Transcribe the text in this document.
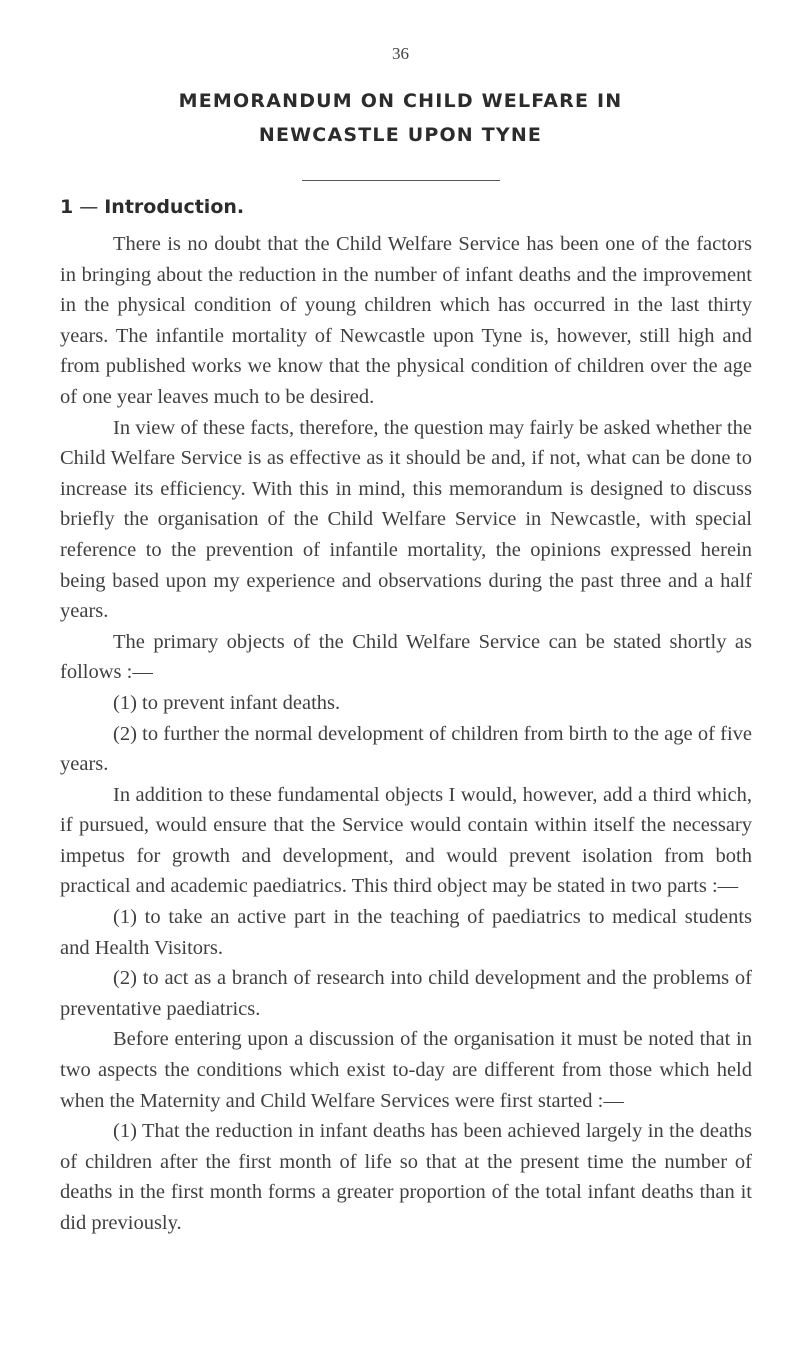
36
MEMORANDUM ON CHILD WELFARE IN
NEWCASTLE UPON TYNE
1 — Introduction.

There is no doubt that the Child Welfare Service has been one of the factors in bringing about the reduction in the number of infant deaths and the improvement in the physical condition of young children which has occurred in the last thirty years. The infantile mortality of Newcastle upon Tyne is, however, still high and from published works we know that the physical condition of children over the age of one year leaves much to be desired.

In view of these facts, therefore, the question may fairly be asked whether the Child Welfare Service is as effective as it should be and, if not, what can be done to increase its efficiency. With this in mind, this memorandum is designed to discuss briefly the organisation of the Child Welfare Service in Newcastle, with special reference to the prevention of infantile mortality, the opinions expressed herein being based upon my experience and observations during the past three and a half years.

The primary objects of the Child Welfare Service can be stated shortly as follows :—

(1) to prevent infant deaths.

(2) to further the normal development of children from birth to the age of five years.

In addition to these fundamental objects I would, however, add a third which, if pursued, would ensure that the Service would contain within itself the necessary impetus for growth and development, and would prevent isolation from both practical and academic paediatrics. This third object may be stated in two parts :—

(1) to take an active part in the teaching of paediatrics to medical students and Health Visitors.

(2) to act as a branch of research into child development and the problems of preventative paediatrics.

Before entering upon a discussion of the organisation it must be noted that in two aspects the conditions which exist to-day are different from those which held when the Maternity and Child Welfare Services were first started :—

(1) That the reduction in infant deaths has been achieved largely in the deaths of children after the first month of life so that at the present time the number of deaths in the first month forms a greater proportion of the total infant deaths than it did previously.
